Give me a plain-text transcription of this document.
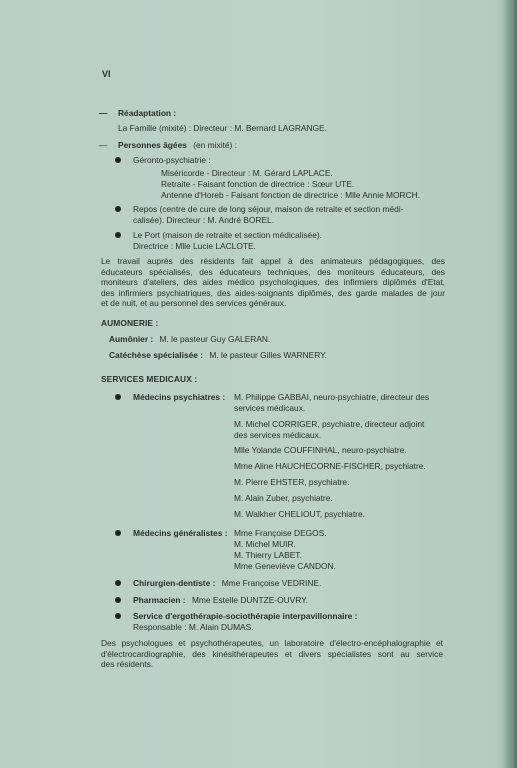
VI
— Réadaptation :
La Famille (mixité) : Directeur : M. Bernard LAGRANGE.
— Personnes âgées (en mixité) :
Géronto-psychiatrie :
Miséricorde - Directeur : M. Gérard LAPLACE.
Retraite - Faisant fonction de directrice : Sœur UTE.
Antenne d'Horeb - Faisant fonction de directrice : Mlle Annie MORCH.
Repos (centre de cure de long séjour, maison de retraite et section médi-
calisée). Directeur : M. André BOREL.
Le Port (maison de retraite et section médicalisée).
Directrice : Mlle Lucie LACLOTE.
Le travail auprès des résidents fait appel à des animateurs pédagogiques, des
éducateurs spécialisés, des éducateurs techniques, des moniteurs éducateurs, des
moniteurs d'ateliers, des aides médico psychologiques, des infirmiers diplômés d'Etat,
des infirmiers psychiatriques, des aides-soignants diplômés, des garde malades de jour
et de nuit, et au personnel des services généraux.
AUMONERIE :
Aumônier : M. le pasteur Guy GALERAN.
Catéchèse spécialisée : M. le pasteur Gilles WARNERY.
SERVICES MEDICAUX :
Médecins psychiatres : M. Philippe GABBAI, neuro-psychiatre, directeur des
services médicaux.
M. Michel CORRIGER, psychiatre, directeur adjoint
des services médicaux.
Mlle Yolande COUFFINHAL, neuro-psychiatre.
Mme Aline HAUCHECORNE-FISCHER, psychiatre.
M. Pierre EHSTER, psychiatre.
M. Alain Zuber, psychiatre.
M. Walkher CHELIOUT, psychiatre.
Médecins généralistes : Mme Françoise DEGOS.
M. Michel MUIR.
M. Thierry LABET.
Mme Geneviève CANDON.
Chirurgien-dentiste : Mme Françoise VEDRINE.
Pharmacien : Mme Estelle DUNTZE-OUVRY.
Service d'ergothérapie-sociothérapie interpavillonnaire :
Responsable : M. Alain DUMAS.
Des psychologues et psychothérapeutes, un laboratoire d'électro-encéphalographie et
d'électrocardiographie, des kinésithérapeutes et divers spécialistes sont au service
des résidents.
